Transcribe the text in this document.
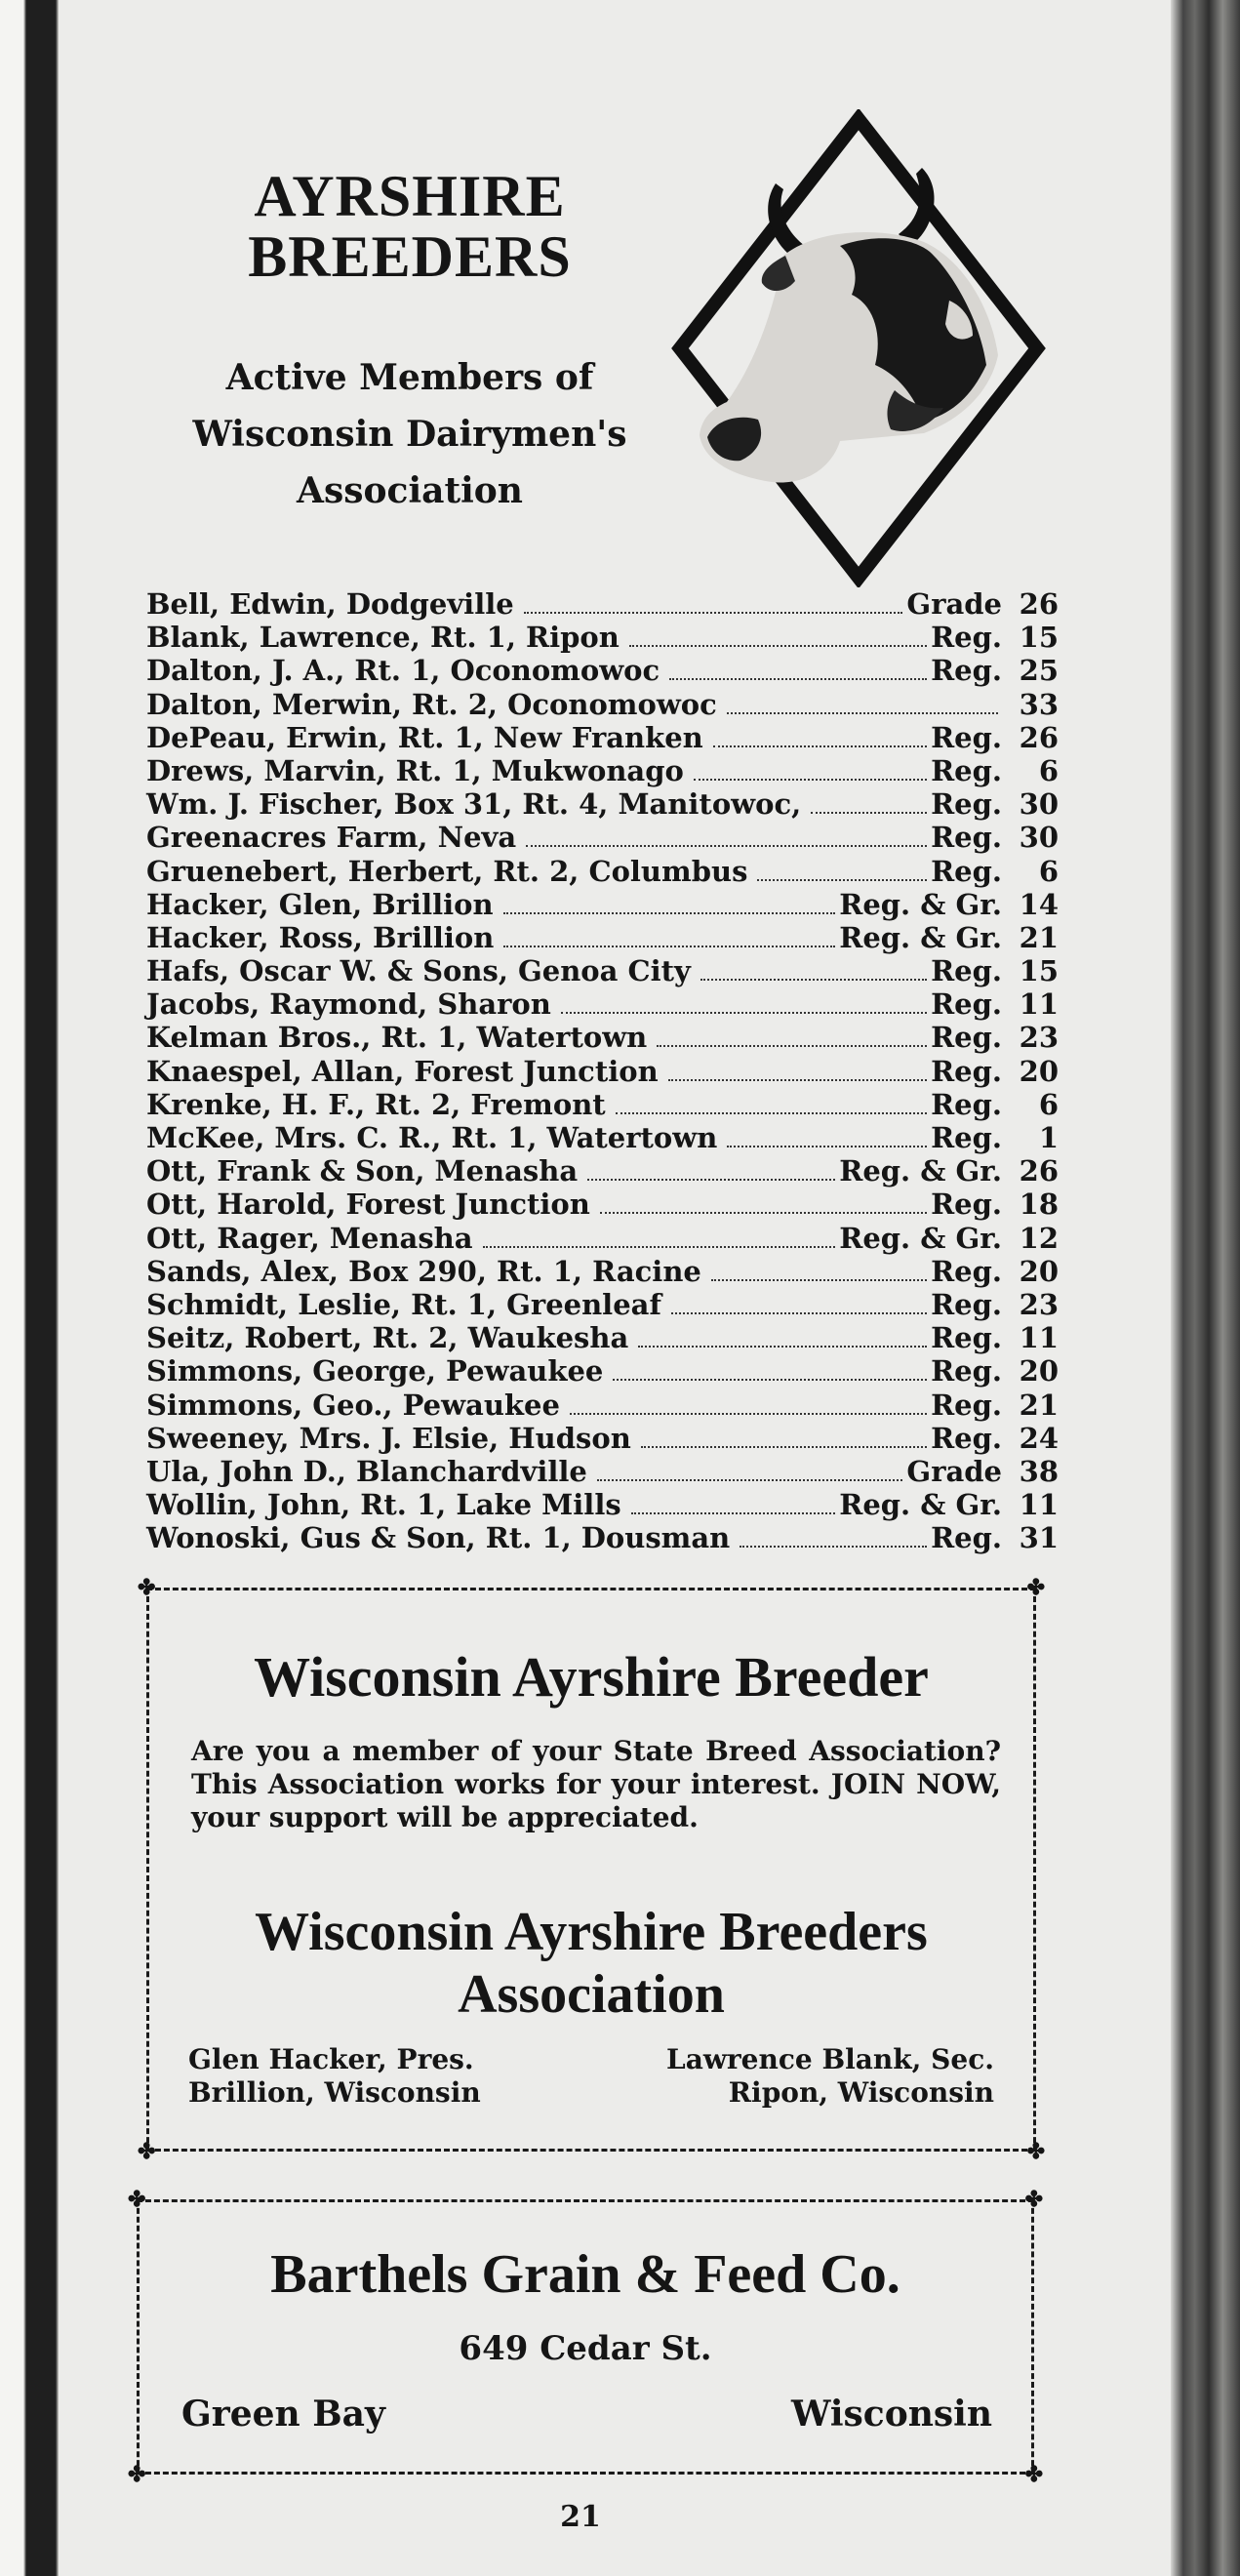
AYRSHIRE
BREEDERS
Active Members of
Wisconsin Dairymen's
Association
Bell, Edwin, Dodgeville	Grade 26
Blank, Lawrence, Rt. 1, Ripon	Reg. 15
Dalton, J. A., Rt. 1, Oconomowoc	Reg. 25
Dalton, Merwin, Rt. 2, Oconomowoc	33
DePeau, Erwin, Rt. 1, New Franken	Reg. 26
Drews, Marvin, Rt. 1, Mukwonago	Reg.	6
Wm. J. Fischer, Box 31, Rt. 4, Manitowoc,	Reg. 30
Greenacres Farm, Neva	Reg. 30
Gruenebert, Herbert, Rt. 2, Columbus	Reg.	6
Hacker, Glen, Brillion	Reg. & Gr. 14
Hacker, Ross, Brillion	Reg. & Gr. 21
Hafs, Oscar W. & Sons, Genoa City	Reg. 15
Jacobs, Raymond, Sharon	Reg. 11
Kelman Bros., Rt. 1, Watertown	Reg. 23
Knaespel, Allan, Forest Junction	Reg. 20
Krenke, H. F., Rt. 2, Fremont	Reg.	6
McKee, Mrs. C. R., Rt. 1, Watertown	Reg.	1
Ott, Frank & Son, Menasha	Reg. & Gr. 26
Ott, Harold, Forest Junction	Reg. 18
Ott, Rager, Menasha	Reg. & Gr. 12
Sands, Alex, Box 290, Rt. 1, Racine	Reg. 20
Schmidt, Leslie, Rt. 1, Greenleaf	Reg. 23
Seitz, Robert, Rt. 2, Waukesha	Reg. 11
Simmons, George, Pewaukee	Reg. 20
Simmons, Geo., Pewaukee	Reg. 21
Sweeney, Mrs. J. Elsie, Hudson	Reg. 24
Ula, John D., Blanchardville	Grade 38
Wollin, John, Rt. 1, Lake Mills	Reg. & Gr. 11
Wonoski, Gus & Son, Rt. 1, Dousman	Reg. 31
✤	✤
✤	✤
Wisconsin Ayrshire Breeder
Are you a member of your State Breed Association? This Association works for your interest. JOIN NOW, your support will be appreciated.
Wisconsin Ayrshire Breeders
Association
Glen Hacker, Pres.
Brillion, Wisconsin
Lawrence Blank, Sec.
Ripon, Wisconsin
✤	✤
✤	✤
Barthels Grain & Feed Co.
649 Cedar St.
Green Bay	Wisconsin
21
